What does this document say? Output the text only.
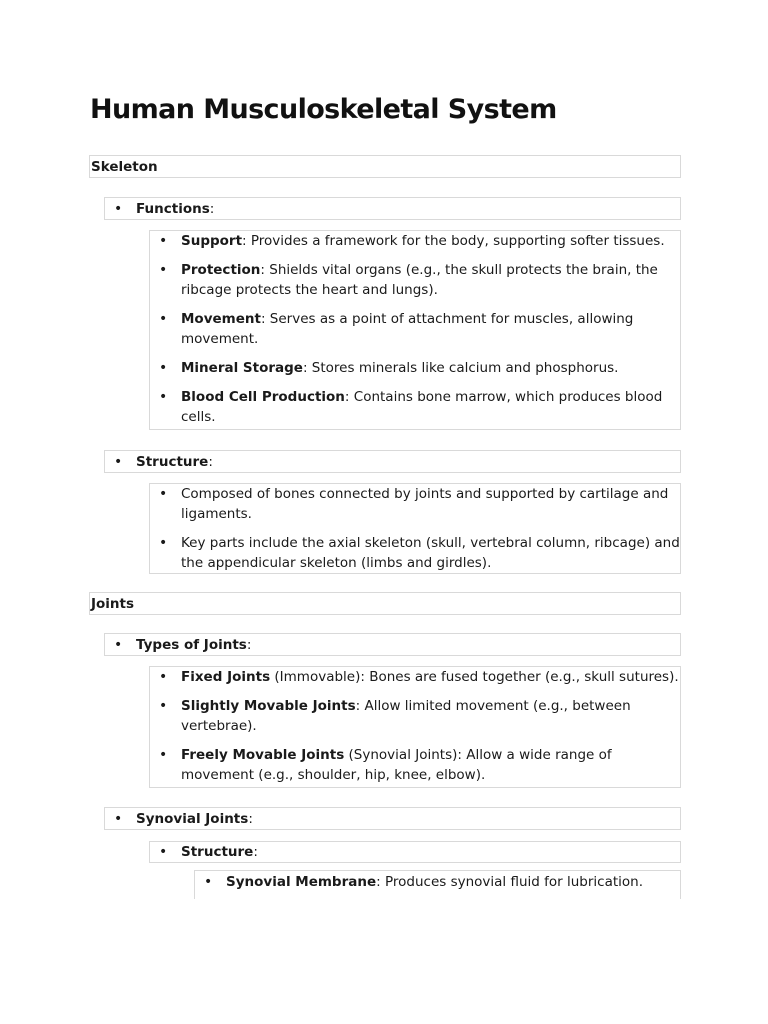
Human Musculoskeletal System
Skeleton
• Functions:
• Support: Provides a framework for the body, supporting softer tissues.
• Protection: Shields vital organs (e.g., the skull protects the brain, the ribcage protects the heart and lungs).
• Movement: Serves as a point of attachment for muscles, allowing movement.
• Mineral Storage: Stores minerals like calcium and phosphorus.
• Blood Cell Production: Contains bone marrow, which produces blood cells.
• Structure:
• Composed of bones connected by joints and supported by cartilage and ligaments.
• Key parts include the axial skeleton (skull, vertebral column, ribcage) and the appendicular skeleton (limbs and girdles).
Joints
• Types of Joints:
• Fixed Joints (Immovable): Bones are fused together (e.g., skull sutures).
• Slightly Movable Joints: Allow limited movement (e.g., between vertebrae).
• Freely Movable Joints (Synovial Joints): Allow a wide range of movement (e.g., shoulder, hip, knee, elbow).
• Synovial Joints:
• Structure:
• Synovial Membrane: Produces synovial fluid for lubrication.
